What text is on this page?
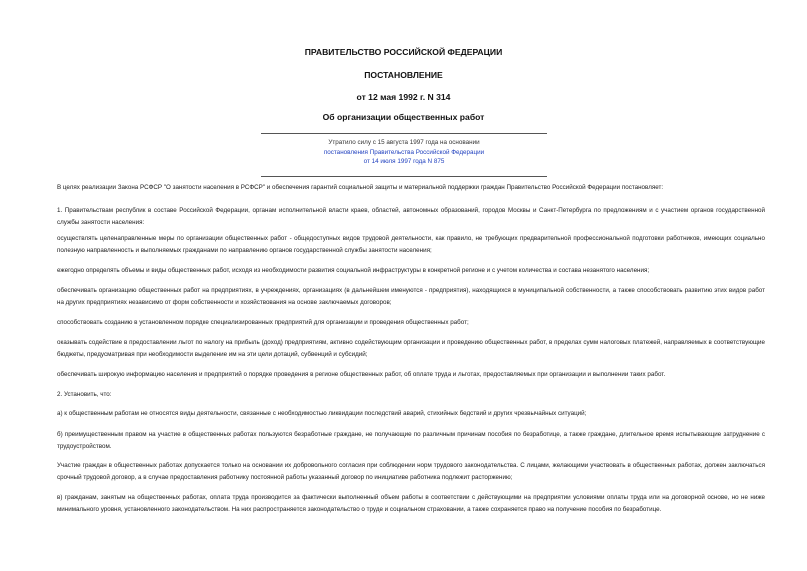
ПРАВИТЕЛЬСТВО РОССИЙСКОЙ ФЕДЕРАЦИИ
ПОСТАНОВЛЕНИЕ
от 12 мая 1992 г. N 314
Об организации общественных работ
Утратило силу с 15 августа 1997 года на основании
постановления Правительства Российской Федерации
от 14 июля 1997 года N 875
В целях реализации Закона РСФСР "О занятости населения в РСФСР" и обеспечения гарантий социальной защиты и материальной поддержки граждан Правительство Российской Федерации постановляет:
1. Правительствам республик в составе Российской Федерации, органам исполнительной власти краев, областей, автономных образований, городов Москвы и Санкт-Петербурга по предложениям и с участием органов государственной службы занятости населения:
осуществлять целенаправленные меры по организации общественных работ - общедоступных видов трудовой деятельности, как правило, не требующих предварительной профессиональной подготовки работников, имеющих социально полезную направленность и выполняемых гражданами по направлению органов государственной службы занятости населения;
ежегодно определять объемы и виды общественных работ, исходя из необходимости развития социальной инфраструктуры в конкретной регионе и с учетом количества и состава незанятого населения;
обеспечивать организацию общественных работ на предприятиях, в учреждениях, организациях (в дальнейшем именуются - предприятия), находящихся в муниципальной собственности, а также способствовать развитию этих видов работ на других предприятиях независимо от форм собственности и хозяйствования на основе заключаемых договоров;
способствовать созданию в установленном порядке специализированных предприятий для организации и проведения общественных работ;
оказывать содействие в предоставлении льгот по налогу на прибыль (доход) предприятиям, активно содействующим организации и проведению общественных работ, в пределах сумм налоговых платежей, направляемых в соответствующие бюджеты, предусматривая при необходимости выделение им на эти цели дотаций, субвенций и субсидий;
обеспечивать широкую информацию населения и предприятий о порядке проведения в регионе общественных работ, об оплате труда и льготах, предоставляемых при организации и выполнении таких работ.
2. Установить, что:
а) к общественным работам не относятся виды деятельности, связанные с необходимостью ликвидации последствий аварий, стихийных бедствий и других чрезвычайных ситуаций;
б) преимущественным правом на участие в общественных работах пользуются безработные граждане, не получающие по различным причинам пособия по безработице, а также граждане, длительное время испытывающие затруднение с трудоустройством.
Участие граждан в общественных работах допускается только на основании их добровольного согласия при соблюдении норм трудового законодательства. С лицами, желающими участвовать в общественных работах, должен заключаться срочный трудовой договор, а в случае предоставления работнику постоянной работы указанный договор по инициативе работника подлежит расторжению;
в) гражданам, занятым на общественных работах, оплата труда производится за фактически выполненный объем работы в соответствии с действующими на предприятии условиями оплаты труда или на договорной основе, но не ниже минимального уровня, установленного законодательством. На них распространяется законодательство о труде и социальном страховании, а также сохраняется право на получение пособия по безработице.
